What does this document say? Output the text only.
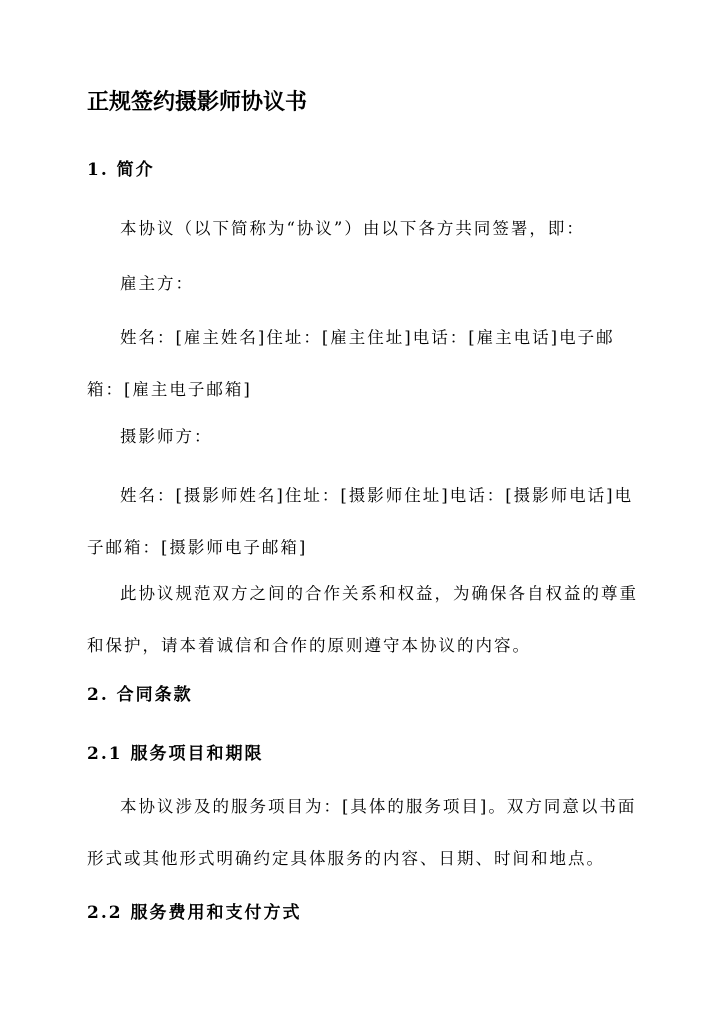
正规签约摄影师协议书
1. 简介
本协议（以下简称为“协议”）由以下各方共同签署，即：
雇主方：

姓名：[雇主姓名]住址：[雇主住址]电话：[雇主电话]电子邮箱：[雇主电子邮箱]

摄影师方：

姓名：[摄影师姓名]住址：[摄影师住址]电话：[摄影师电话]电子邮箱：[摄影师电子邮箱]

此协议规范双方之间的合作关系和权益，为确保各自权益的尊重和保护，请本着诚信和合作的原则遵守本协议的内容。

2. 合同条款
2.1 服务项目和期限

本协议涉及的服务项目为：[具体的服务项目]。双方同意以书面形式或其他形式明确约定具体服务的内容、日期、时间和地点。

2.2 服务费用和支付方式
